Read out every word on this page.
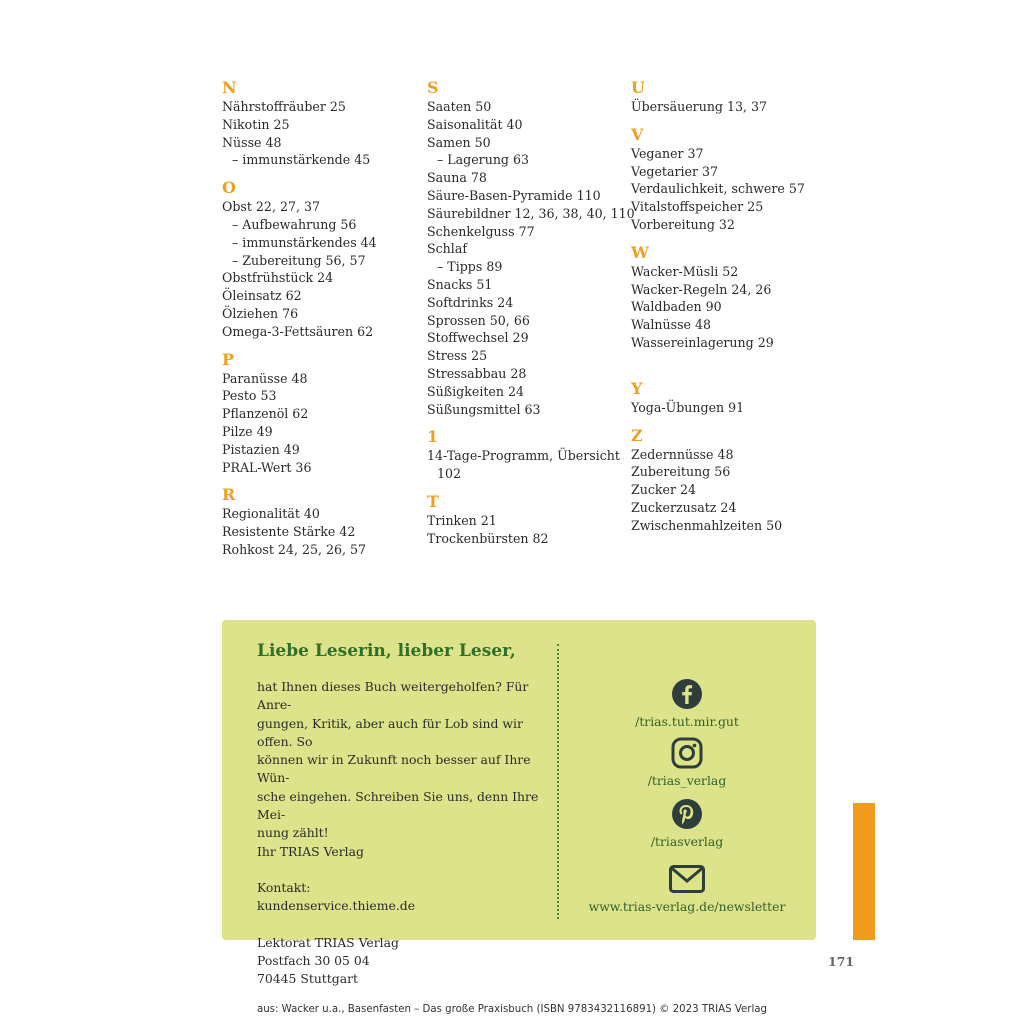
N
Nährstoffräuber 25
Nikotin 25
Nüsse 48
– immunstärkende 45
O
Obst 22, 27, 37
– Aufbewahrung 56
– immunstärkendes 44
– Zubereitung 56, 57
Obstfrühstück 24
Öleinsatz 62
Ölziehen 76
Omega-3-Fettsäuren 62
P
Paranüsse 48
Pesto 53
Pflanzenöl 62
Pilze 49
Pistazien 49
PRAL-Wert 36
R
Regionalität 40
Resistente Stärke 42
Rohkost 24, 25, 26, 57
S
Saaten 50
Saisonalität 40
Samen 50
– Lagerung 63
Sauna 78
Säure-Basen-Pyramide 110
Säurebildner 12, 36, 38, 40, 110
Schenkelguss 77
Schlaf
– Tipps 89
Snacks 51
Softdrinks 24
Sprossen 50, 66
Stoffwechsel 29
Stress 25
Stressabbau 28
Süßigkeiten 24
Süßungsmittel 63
1
14-Tage-Programm, Übersicht
102
T
Trinken 21
Trockenbürsten 82
U
Übersäuerung 13, 37
V
Veganer 37
Vegetarier 37
Verdaulichkeit, schwere 57
Vitalstoffspeicher 25
Vorbereitung 32
W
Wacker-Müsli 52
Wacker-Regeln 24, 26
Waldbaden 90
Walnüsse 48
Wassereinlagerung 29
Y
Yoga-Übungen 91
Z
Zedernnüsse 48
Zubereitung 56
Zucker 24
Zuckerzusatz 24
Zwischenmahlzeiten 50
Liebe Leserin, lieber Leser,
hat Ihnen dieses Buch weitergeholfen? Für Anre-
gungen, Kritik, aber auch für Lob sind wir offen. So
können wir in Zukunft noch besser auf Ihre Wün-
sche eingehen. Schreiben Sie uns, denn Ihre Mei-
nung zählt!
Ihr TRIAS Verlag
Kontakt:
kundenservice.thieme.de
Lektorat TRIAS Verlag
Postfach 30 05 04
70445 Stuttgart
/trias.tut.mir.gut
/trias_verlag
/triasverlag
www.trias-verlag.de/newsletter
171
aus: Wacker u.a., Basenfasten – Das große Praxisbuch (ISBN 9783432116891) © 2023 TRIAS Verlag
